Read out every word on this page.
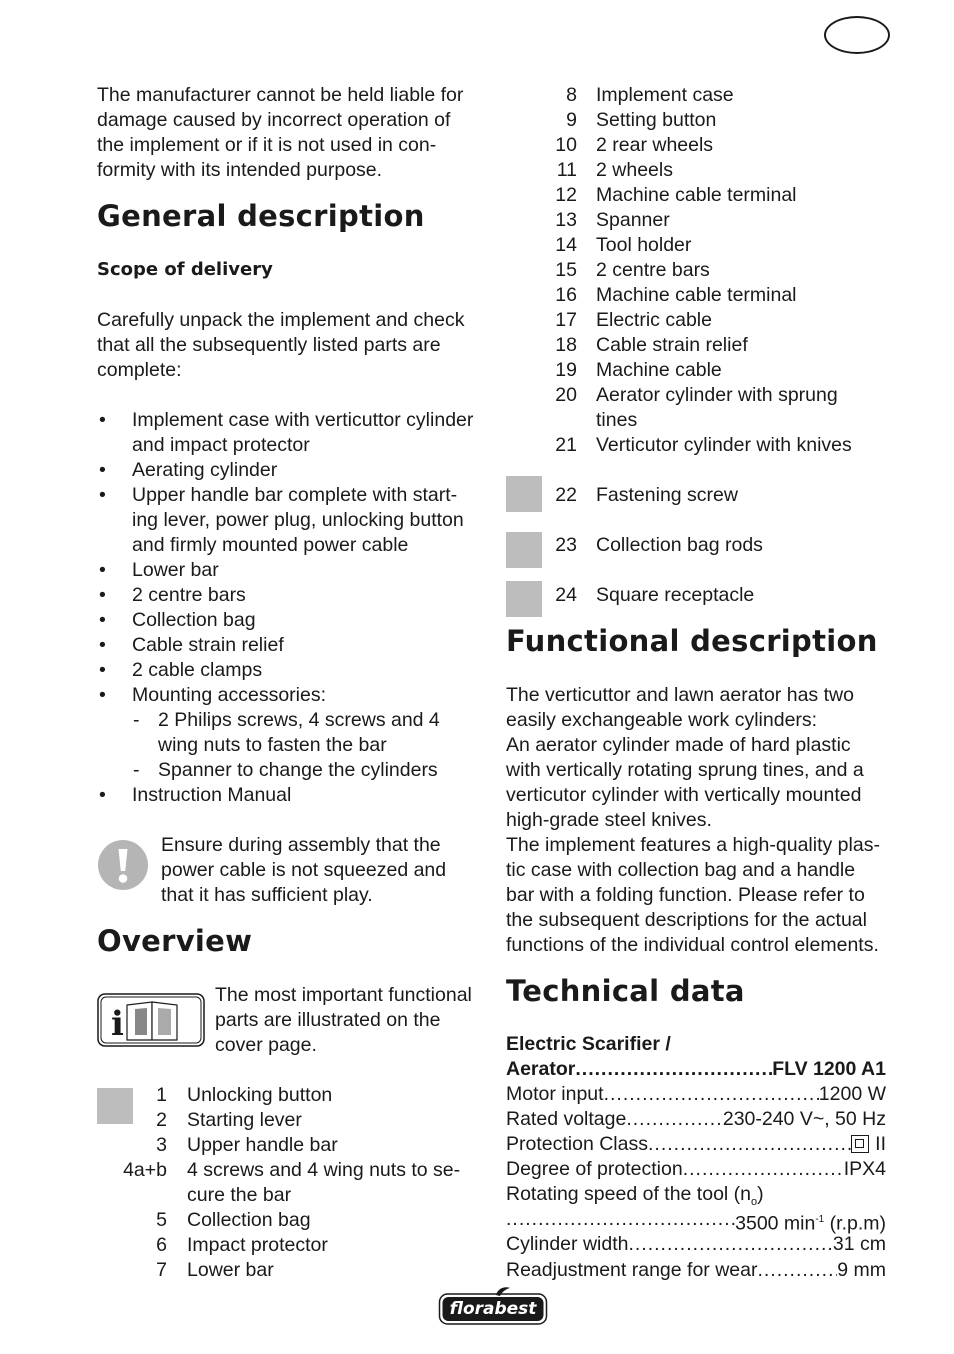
The manufacturer cannot be held liable for
damage caused by incorrect operation of
the implement or if it is not used in con-
formity with its intended purpose.
General description
Scope of delivery
Carefully unpack the implement and check
that all the subsequently listed parts are
complete:
• Implement case with verticuttor cylinder
and impact protector
• Aerating cylinder
• Upper handle bar complete with start-
ing lever, power plug, unlocking button
and firmly mounted power cable
• Lower bar
• 2 centre bars
• Collection bag
• Cable strain relief
• 2 cable clamps
• Mounting accessories:
- 2 Philips screws, 4 screws and 4
wing nuts to fasten the bar
- Spanner to change the cylinders
• Instruction Manual
Ensure during assembly that the
power cable is not squeezed and
that it has sufficient play.
Overview
i
The most important functional
parts are illustrated on the
cover page.
1 Unlocking button
2 Starting lever
3 Upper handle bar
4a+b 4 screws and 4 wing nuts to se-
cure the bar
5 Collection bag
6 Impact protector
7 Lower bar
8 Implement case
9 Setting button
10 2 rear wheels
11 2 wheels
12 Machine cable terminal
13 Spanner
14 Tool holder
15 2 centre bars
16 Machine cable terminal
17 Electric cable
18 Cable strain relief
19 Machine cable
20 Aerator cylinder with sprung
tines
21 Verticutor cylinder with knives
22 Fastening screw
23 Collection bag rods
24 Square receptacle
Functional description
The verticuttor and lawn aerator has two
easily exchangeable work cylinders:
An aerator cylinder made of hard plastic
with vertically rotating sprung tines, and a
verticutor cylinder with vertically mounted
high-grade steel knives.
The implement features a high-quality plas-
tic case with collection bag and a handle
bar with a folding function. Please refer to
the subsequent descriptions for the actual
functions of the individual control elements.
Technical data
Electric Scarifier /
Aerator .....	FLV 1200 A1
Motor input .....	1200 W
Rated voltage .....	230-240 V~, 50 Hz
Protection Class .....	II
Degree of protection .....	IPX4
Rotating speed of the tool $(n_o)$
.....
3500 $\min^{-1} (r.p.m)$
Cylinder width .....	31 cm
Readjustment range for wear .....	9 mm
florabest
